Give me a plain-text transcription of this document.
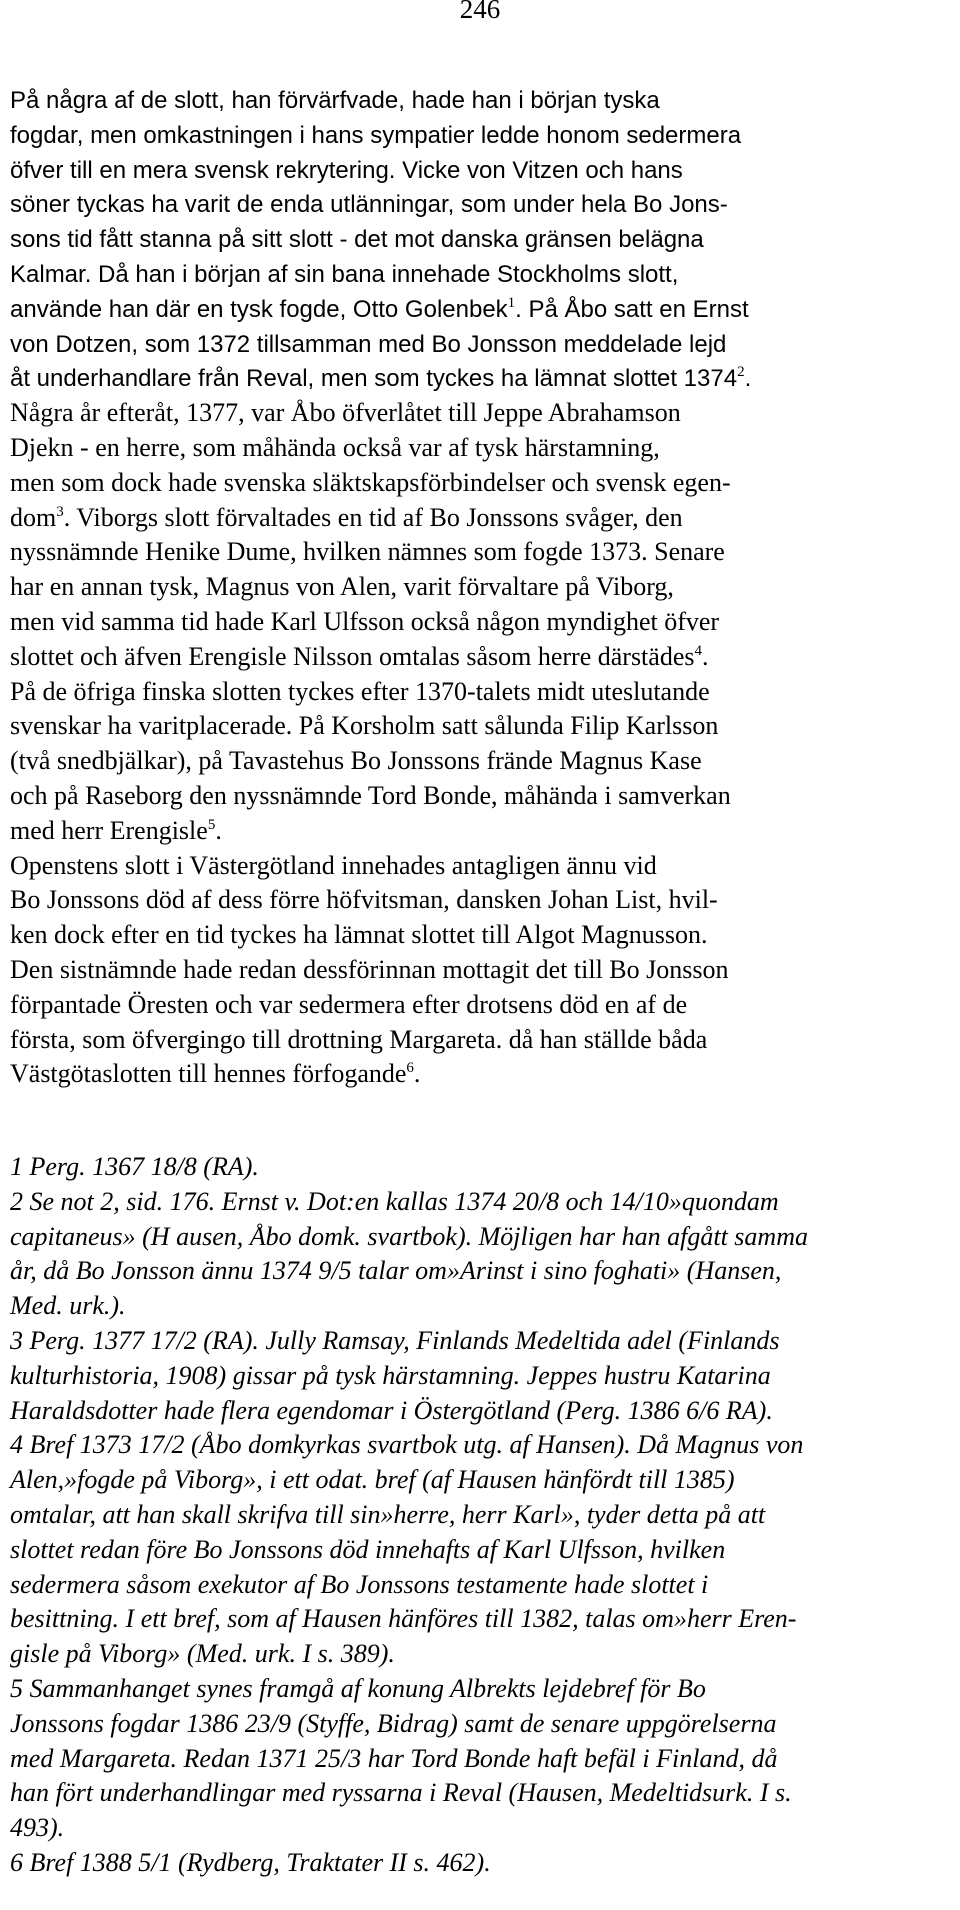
246
På några af de slott, han förvärfvade, hade han i början tyska
fogdar, men omkastningen i hans sympatier ledde honom sedermera
öfver till en mera svensk rekrytering. Vicke von Vitzen och hans
söner tyckas ha varit de enda utlänningar, som under hela Bo Jons-
sons tid fått stanna på sitt slott - det mot danska gränsen belägna
Kalmar. Då han i början af sin bana innehade Stockholms slott,
använde han där en tysk fogde, Otto Golenbek$^1$. På Åbo satt en Ernst
von Dotzen, som 1372 tillsamman med Bo Jonsson meddelade lejd
åt underhandlare från Reval, men som tyckes ha lämnat slottet 1374$^2$.
Några år efteråt, 1377, var Åbo öfverlåtet till Jeppe Abrahamson
Djekn - en herre, som måhända också var af tysk härstamning,
men som dock hade svenska släktskapsförbindelser och svensk egen-
dom$^3$. Viborgs slott förvaltades en tid af Bo Jonssons svåger, den
nyssnämnde Henike Dume, hvilken nämnes som fogde 1373. Senare
har en annan tysk, Magnus von Alen, varit förvaltare på Viborg,
men vid samma tid hade Karl Ulfsson också någon myndighet öfver
slottet och äfven Erengisle Nilsson omtalas såsom herre därstädes$^4$.
På de öfriga finska slotten tyckes efter 1370-talets midt uteslutande
svenskar ha varitplacerade. På Korsholm satt sålunda Filip Karlsson
(två snedbjälkar), på Tavastehus Bo Jonssons frände Magnus Kase
och på Raseborg den nyssnämnde Tord Bonde, måhända i samverkan
med herr Erengisle$^5$.
Openstens slott i Västergötland innehades antagligen ännu vid
Bo Jonssons död af dess förre höfvitsman, dansken Johan List, hvil-
ken dock efter en tid tyckes ha lämnat slottet till Algot Magnusson.
Den sistnämnde hade redan dessförinnan mottagit det till Bo Jonsson
förpantade Öresten och var sedermera efter drotsens död en af de
första, som öfvergingo till drottning Margareta. då han ställde båda
Västgötaslotten till hennes förfogande$^6$.
1 Perg. 1367 18/8 (RA).
2 Se not 2, sid. 176. Ernst v. Dot:en kallas 1374 20/8 och 14/10»quondam
capitaneus» (H ausen, Åbo domk. svartbok). Möjligen har han afgått samma
år, då Bo Jonsson ännu 1374 9/5 talar om»Arinst i sino foghati» (Hansen,
Med. urk.).
3 Perg. 1377 17/2 (RA). Jully Ramsay, Finlands Medeltida adel (Finlands
kulturhistoria, 1908) gissar på tysk härstamning. Jeppes hustru Katarina
Haraldsdotter hade flera egendomar i Östergötland (Perg. 1386 6/6 RA).
4 Bref 1373 17/2 (Åbo domkyrkas svartbok utg. af Hansen). Då Magnus von
Alen,»fogde på Viborg», i ett odat. bref (af Hausen hänfördt till 1385)
omtalar, att han skall skrifva till sin»herre, herr Karl», tyder detta på att
slottet redan före Bo Jonssons död innehafts af Karl Ulfsson, hvilken
sedermera såsom exekutor af Bo Jonssons testamente hade slottet i
besittning. I ett bref, som af Hausen hänföres till 1382, talas om»herr Eren-
gisle på Viborg» (Med. urk. I s. 389).
5 Sammanhanget synes framgå af konung Albrekts lejdebref för Bo
Jonssons fogdar 1386 23/9 (Styffe, Bidrag) samt de senare uppgörelserna
med Margareta. Redan 1371 25/3 har Tord Bonde haft befäl i Finland, då
han fört underhandlingar med ryssarna i Reval (Hausen, Medeltidsurk. I s.
493).
6 Bref 1388 5/1 (Rydberg, Traktater II s. 462).
